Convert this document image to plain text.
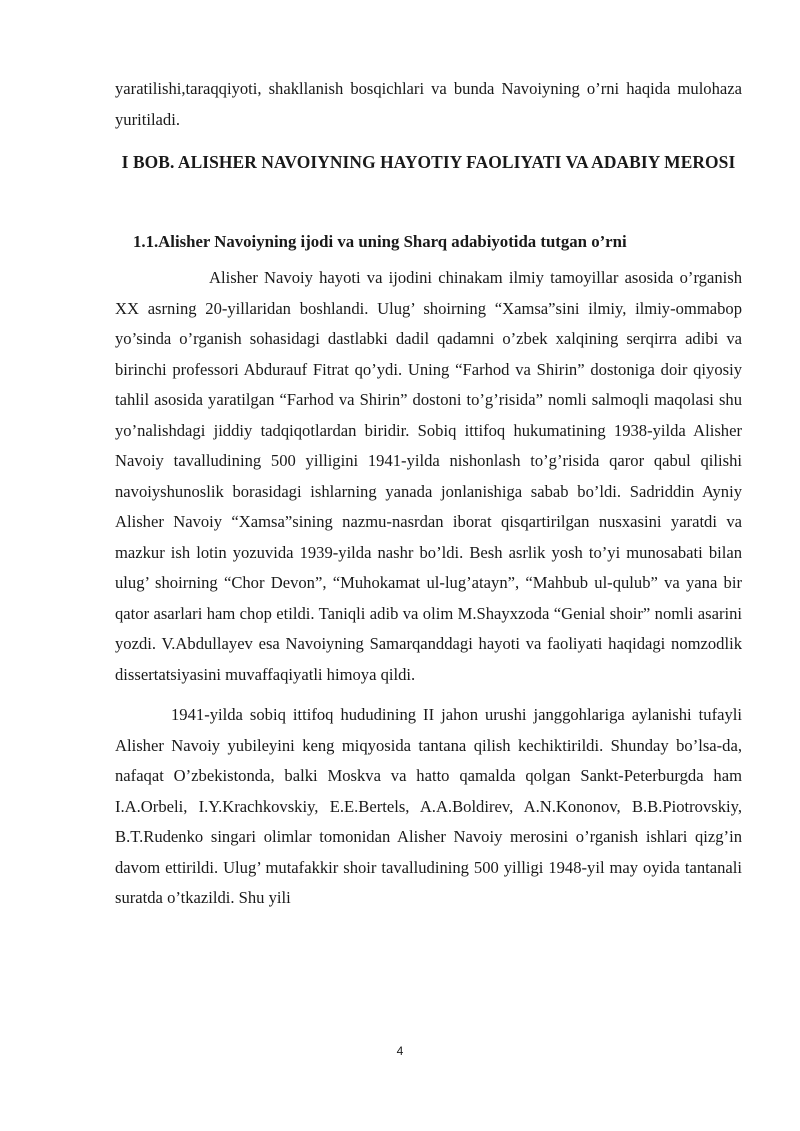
yaratilishi,taraqqiyoti, shakllanish bosqichlari va bunda Navoiyning o’rni haqida mulohaza yuritiladi.

I BOB. ALISHER NAVOIYNING HAYOTIY FAOLIYATI VA ADABIY MEROSI
1.1.Alisher Navoiyning ijodi va uning Sharq adabiyotida tutgan o’rni

Alisher Navoiy hayoti va ijodini chinakam ilmiy tamoyillar asosida o’rganish XX asrning 20-yillaridan boshlandi. Ulug’ shoirning “Xamsa”sini ilmiy, ilmiy-ommabop yo’sinda o’rganish sohasidagi dastlabki dadil qadamni o’zbek xalqining serqirra adibi va birinchi professori Abdurauf Fitrat qo’ydi. Uning “Farhod va Shirin” dostoniga doir qiyosiy tahlil asosida yaratilgan “Farhod va Shirin” dostoni to’g’risida” nomli salmoqli maqolasi shu yo’nalishdagi jiddiy tadqiqotlardan biridir. Sobiq ittifoq hukumatining 1938-yilda Alisher Navoiy tavalludining 500 yilligini 1941-yilda nishonlash to’g’risida qaror qabul qilishi navoiyshunoslik borasidagi ishlarning yanada jonlanishiga sabab bo’ldi. Sadriddin Ayniy Alisher Navoiy “Xamsa”sining nazmu-nasrdan iborat qisqartirilgan nusxasini yaratdi va mazkur ish lotin yozuvida 1939-yilda nashr bo’ldi. Besh asrlik yosh to’yi munosabati bilan ulug’ shoirning “Chor Devon”, “Muhokamat ul-lug’atayn”, “Mahbub ul-qulub” va yana bir qator asarlari ham chop etildi. Taniqli adib va olim M.Shayxzoda “Genial shoir” nomli asarini yozdi. V.Abdullayev esa Navoiyning Samarqanddagi hayoti va faoliyati haqidagi nomzodlik dissertatsiyasini muvaffaqiyatli himoya qildi.

1941-yilda sobiq ittifoq hududining II jahon urushi janggohlariga aylanishi tufayli Alisher Navoiy yubileyini keng miqyosida tantana qilish kechiktirildi. Shunday bo’lsa-da, nafaqat O’zbekistonda, balki Moskva va hatto qamalda qolgan Sankt-Peterburgda ham I.A.Orbeli, I.Y.Krachkovskiy, E.E.Bertels, A.A.Boldirev, A.N.Kononov, B.B.Piotrovskiy, B.T.Rudenko singari olimlar tomonidan Alisher Navoiy merosini o’rganish ishlari qizg’in davom ettirildi. Ulug’ mutafakkir shoir tavalludining 500 yilligi 1948-yil may oyida tantanali suratda o’tkazildi. Shu yili

4
